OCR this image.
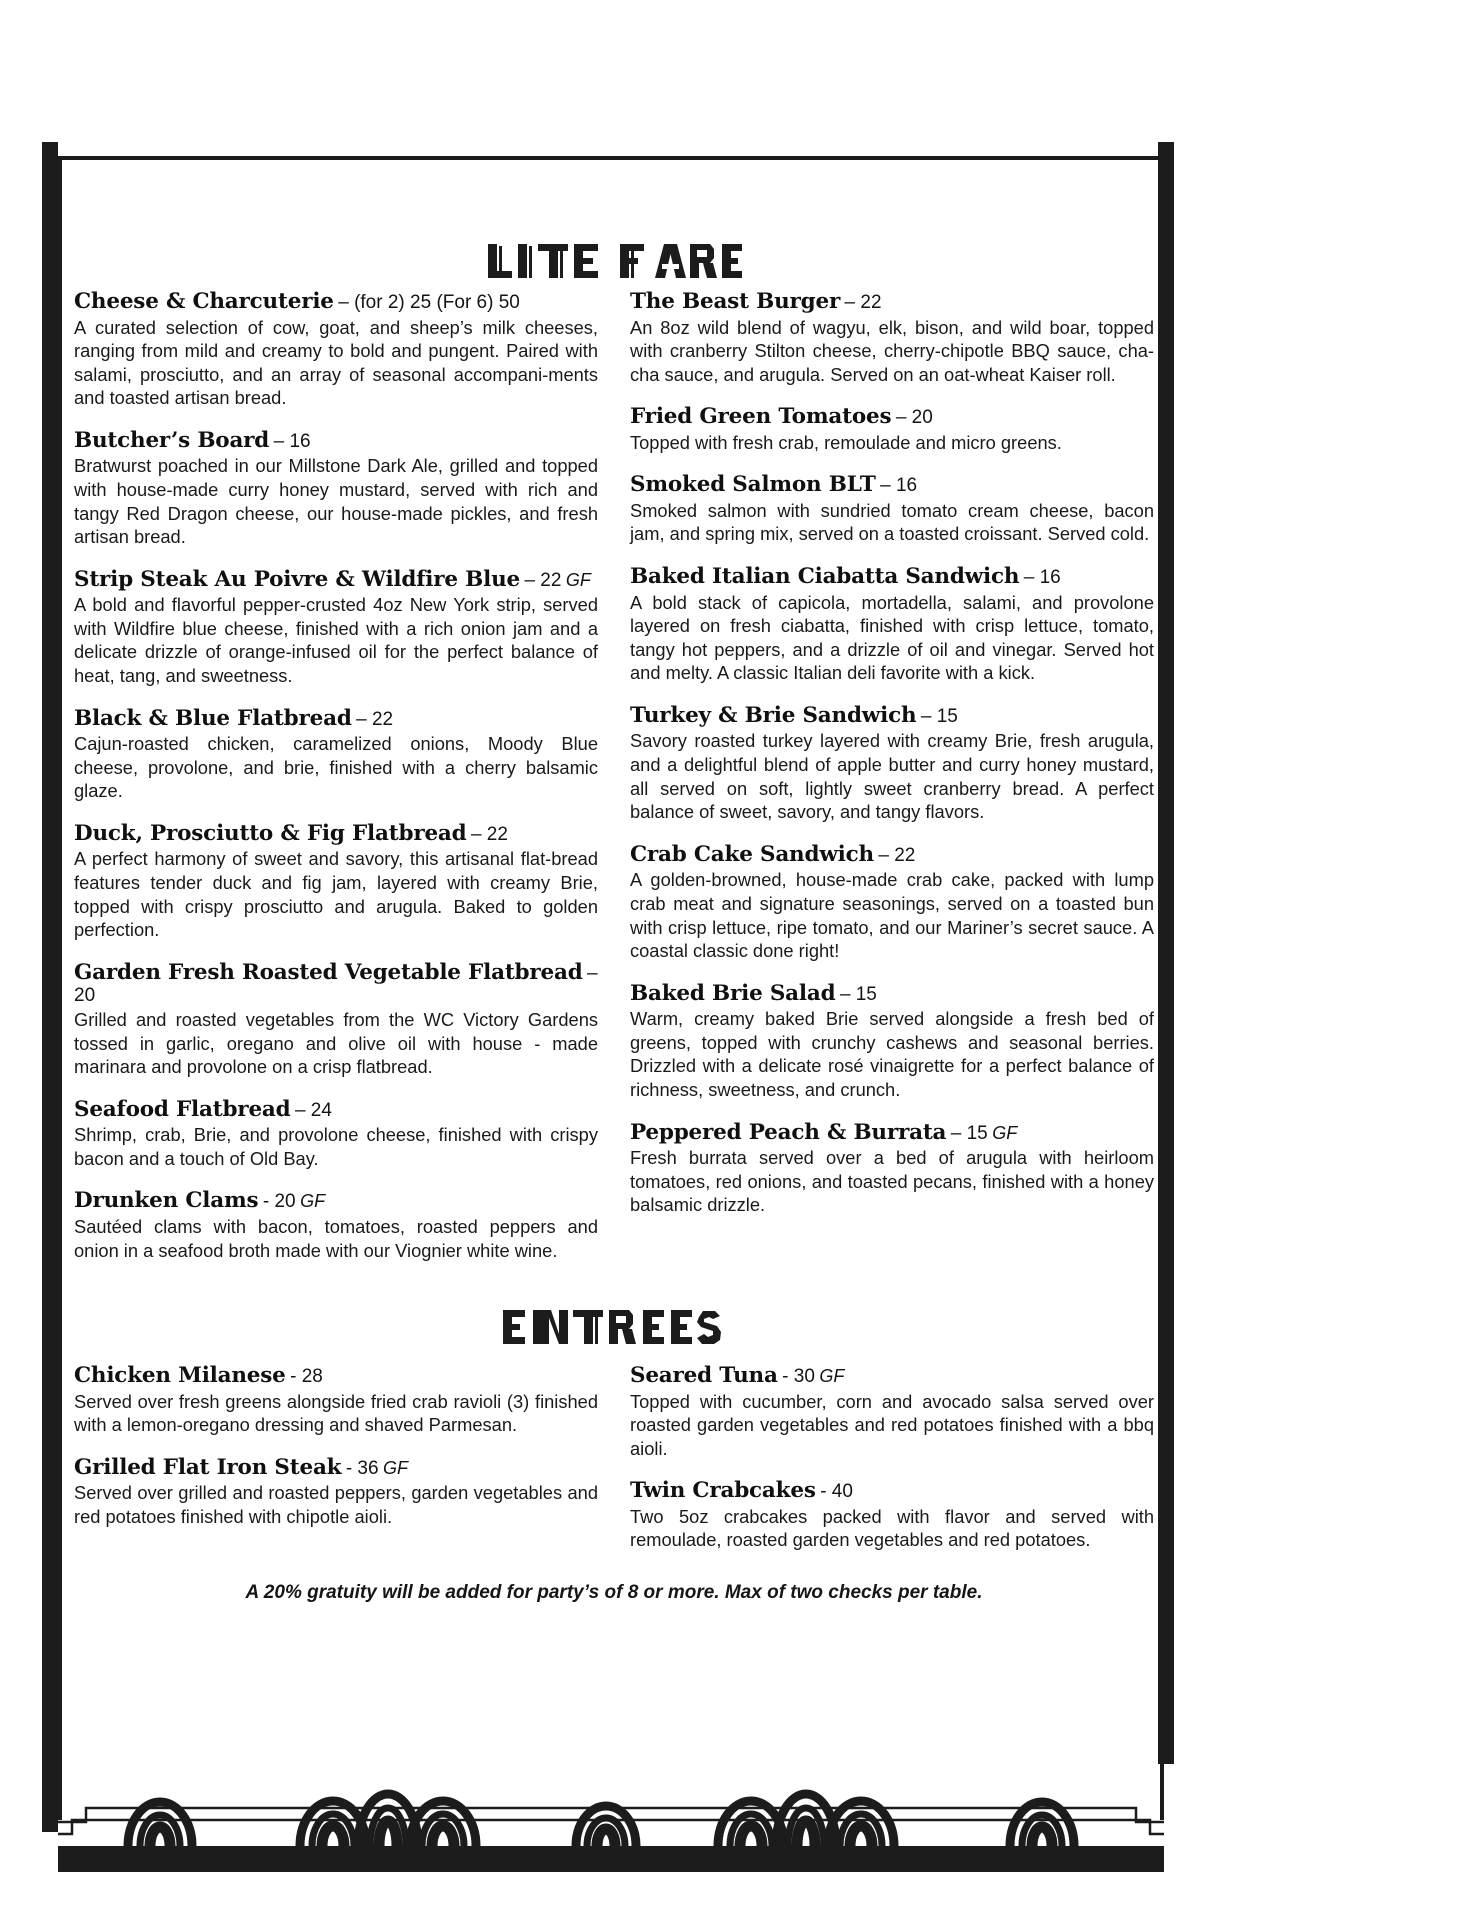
Cheese & Charcuterie – (for 2) 25 (For 6) 50

A curated selection of cow, goat, and sheep’s milk cheeses, ranging from mild and creamy to bold and pungent. Paired with salami, prosciutto, and an array of seasonal accompani-ments and toasted artisan bread.

Butcher’s Board – 16

Bratwurst poached in our Millstone Dark Ale, grilled and topped with house-made curry honey mustard, served with rich and tangy Red Dragon cheese, our house-made pickles, and fresh artisan bread.

Strip Steak Au Poivre & Wildfire Blue – 22 GF

A bold and flavorful pepper-crusted 4oz New York strip, served with Wildfire blue cheese, finished with a rich onion jam and a delicate drizzle of orange-infused oil for the perfect balance of heat, tang, and sweetness.

Black & Blue Flatbread – 22

Cajun-roasted chicken, caramelized onions, Moody Blue cheese, provolone, and brie, finished with a cherry balsamic glaze.

Duck, Prosciutto & Fig Flatbread – 22

A perfect harmony of sweet and savory, this artisanal flat-bread features tender duck and fig jam, layered with creamy Brie, topped with crispy prosciutto and arugula. Baked to golden perfection.

Garden Fresh Roasted Vegetable Flatbread – 20

Grilled and roasted vegetables from the WC Victory Gardens tossed in garlic, oregano and olive oil with house - made marinara and provolone on a crisp flatbread.

Seafood Flatbread – 24

Shrimp, crab, Brie, and provolone cheese, finished with crispy bacon and a touch of Old Bay.

Drunken Clams - 20 GF

Sautéed clams with bacon, tomatoes, roasted peppers and onion in a seafood broth made with our Viognier white wine.

The Beast Burger – 22

An 8oz wild blend of wagyu, elk, bison, and wild boar, topped with cranberry Stilton cheese, cherry-chipotle BBQ sauce, cha-cha sauce, and arugula. Served on an oat-wheat Kaiser roll.

Fried Green Tomatoes – 20

Topped with fresh crab, remoulade and micro greens.

Smoked Salmon BLT – 16

Smoked salmon with sundried tomato cream cheese, bacon jam, and spring mix, served on a toasted croissant. Served cold.

Baked Italian Ciabatta Sandwich – 16

A bold stack of capicola, mortadella, salami, and provolone layered on fresh ciabatta, finished with crisp lettuce, tomato, tangy hot peppers, and a drizzle of oil and vinegar. Served hot and melty. A classic Italian deli favorite with a kick.

Turkey & Brie Sandwich – 15

Savory roasted turkey layered with creamy Brie, fresh arugula, and a delightful blend of apple butter and curry honey mustard, all served on soft, lightly sweet cranberry bread. A perfect balance of sweet, savory, and tangy flavors.

Crab Cake Sandwich – 22

A golden-browned, house-made crab cake, packed with lump crab meat and signature seasonings, served on a toasted bun with crisp lettuce, ripe tomato, and our Mariner’s secret sauce. A coastal classic done right!

Baked Brie Salad – 15

Warm, creamy baked Brie served alongside a fresh bed of greens, topped with crunchy cashews and seasonal berries. Drizzled with a delicate rosé vinaigrette for a perfect balance of richness, sweetness, and crunch.

Peppered Peach & Burrata – 15 GF

Fresh burrata served over a bed of arugula with heirloom tomatoes, red onions, and toasted pecans, finished with a honey balsamic drizzle.

Chicken Milanese - 28

Served over fresh greens alongside fried crab ravioli (3) finished with a lemon-oregano dressing and shaved Parmesan.

Grilled Flat Iron Steak - 36 GF

Served over grilled and roasted peppers, garden vegetables and red potatoes finished with chipotle aioli.

Seared Tuna - 30 GF

Topped with cucumber, corn and avocado salsa served over roasted garden vegetables and red potatoes finished with a bbq aioli.

Twin Crabcakes - 40

Two 5oz crabcakes packed with flavor and served with remoulade, roasted garden vegetables and red potatoes.

A 20% gratuity will be added for party’s of 8 or more. Max of two checks per table.
